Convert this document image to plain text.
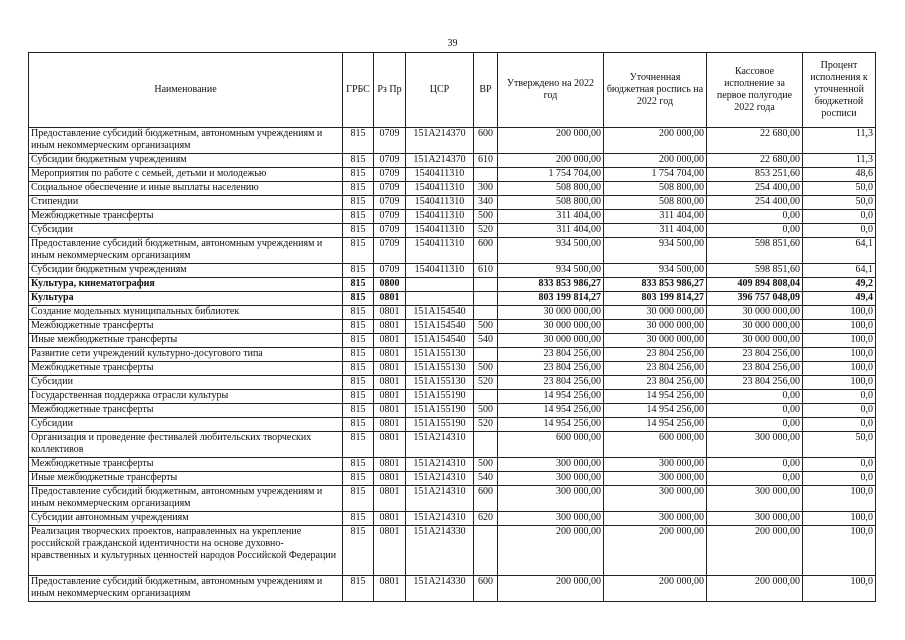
39
Наименование	ГРБС	Рз Пр	ЦСР	ВР	Утверждено на 2022 год	Уточненная бюджетная роспись на 2022 год	Кассовое исполнение за первое полугодие 2022 года	Процент исполнения к уточненной бюджетной росписи
Предоставление субсидий бюджетным, автономным учреждениям и иным некоммерческим организациям	815	0709	151A214370	600	200 000,00	200 000,00	22 680,00	11,3
Субсидии бюджетным учреждениям	815	0709	151A214370	610	200 000,00	200 000,00	22 680,00	11,3
Мероприятия по работе с семьей, детьми и молодежью	815	0709	1540411310		1 754 704,00	1 754 704,00	853 251,60	48,6
Социальное обеспечение и иные выплаты населению	815	0709	1540411310	300	508 800,00	508 800,00	254 400,00	50,0
Стипендии	815	0709	1540411310	340	508 800,00	508 800,00	254 400,00	50,0
Межбюджетные трансферты	815	0709	1540411310	500	311 404,00	311 404,00	0,00	0,0
Субсидии	815	0709	1540411310	520	311 404,00	311 404,00	0,00	0,0
Предоставление субсидий бюджетным, автономным учреждениям и иным некоммерческим организациям	815	0709	1540411310	600	934 500,00	934 500,00	598 851,60	64,1
Субсидии бюджетным учреждениям	815	0709	1540411310	610	934 500,00	934 500,00	598 851,60	64,1
Культура, кинематография	815	0800			833 853 986,27	833 853 986,27	409 894 808,04	49,2
Культура	815	0801			803 199 814,27	803 199 814,27	396 757 048,09	49,4
Создание модельных муниципальных библиотек	815	0801	151A154540		30 000 000,00	30 000 000,00	30 000 000,00	100,0
Межбюджетные трансферты	815	0801	151A154540	500	30 000 000,00	30 000 000,00	30 000 000,00	100,0
Иные межбюджетные трансферты	815	0801	151A154540	540	30 000 000,00	30 000 000,00	30 000 000,00	100,0
Развитие сети учреждений культурно-досугового типа	815	0801	151A155130		23 804 256,00	23 804 256,00	23 804 256,00	100,0
Межбюджетные трансферты	815	0801	151A155130	500	23 804 256,00	23 804 256,00	23 804 256,00	100,0
Субсидии	815	0801	151A155130	520	23 804 256,00	23 804 256,00	23 804 256,00	100,0
Государственная поддержка отрасли культуры	815	0801	151A155190		14 954 256,00	14 954 256,00	0,00	0,0
Межбюджетные трансферты	815	0801	151A155190	500	14 954 256,00	14 954 256,00	0,00	0,0
Субсидии	815	0801	151A155190	520	14 954 256,00	14 954 256,00	0,00	0,0
Организация и проведение фестивалей любительских творческих коллективов	815	0801	151A214310		600 000,00	600 000,00	300 000,00	50,0
Межбюджетные трансферты	815	0801	151A214310	500	300 000,00	300 000,00	0,00	0,0
Иные межбюджетные трансферты	815	0801	151A214310	540	300 000,00	300 000,00	0,00	0,0
Предоставление субсидий бюджетным, автономным учреждениям и иным некоммерческим организациям	815	0801	151A214310	600	300 000,00	300 000,00	300 000,00	100,0
Субсидии автономным учреждениям	815	0801	151A214310	620	300 000,00	300 000,00	300 000,00	100,0
Реализация творческих проектов, направленных на укрепление российской гражданской идентичности на основе духовно-нравственных и культурных ценностей народов Российской Федерации	815	0801	151A214330		200 000,00	200 000,00	200 000,00	100,0
Предоставление субсидий бюджетным, автономным учреждениям и иным некоммерческим организациям	815	0801	151A214330	600	200 000,00	200 000,00	200 000,00	100,0
